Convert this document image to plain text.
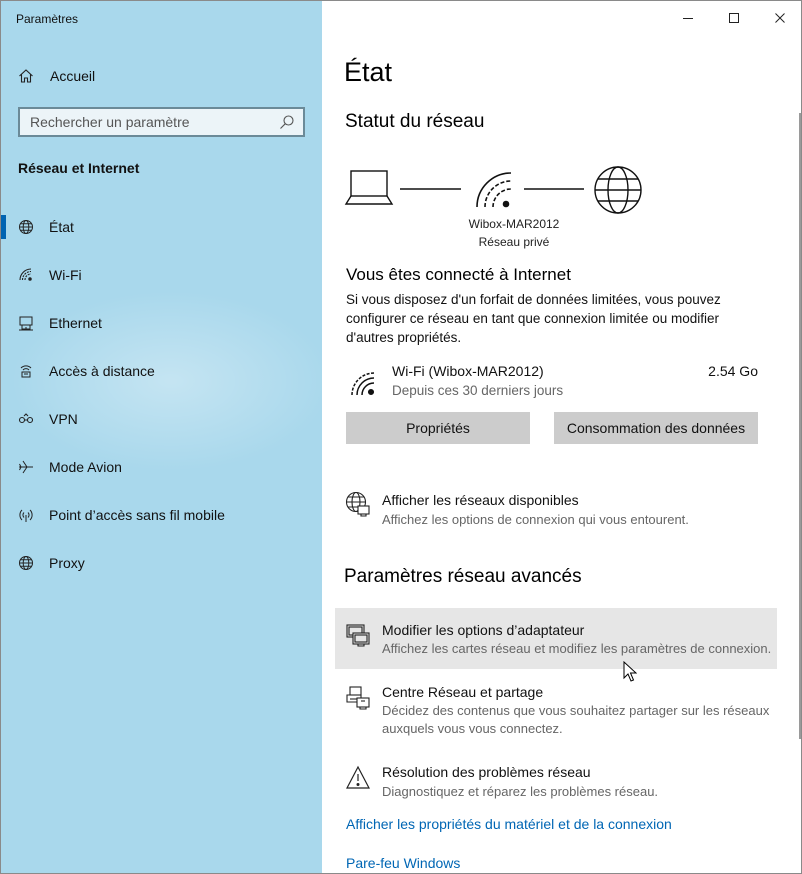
Paramètres
Accueil
Rechercher un paramètre
Réseau et Internet
État
Wi-Fi
Ethernet
Accès à distance
VPN
Mode Avion
Point d’accès sans fil mobile
Proxy
État
Statut du réseau
Wibox-MAR2012
Réseau privé
Vous êtes connecté à Internet
Si vous disposez d'un forfait de données limitées, vous pouvez configurer ce réseau en tant que connexion limitée ou modifier d'autres propriétés.
Wi-Fi (Wibox-MAR2012)
Depuis ces 30 derniers jours
2.54 Go
Propriétés	Consommation des données
Afficher les réseaux disponibles
Affichez les options de connexion qui vous entourent.
Paramètres réseau avancés
Modifier les options d’adaptateur
Affichez les cartes réseau et modifiez les paramètres de connexion.
Centre Réseau et partage
Décidez des contenus que vous souhaitez partager sur les réseaux auxquels vous vous connectez.
Résolution des problèmes réseau
Diagnostiquez et réparez les problèmes réseau.
Afficher les propriétés du matériel et de la connexion
Pare-feu Windows
